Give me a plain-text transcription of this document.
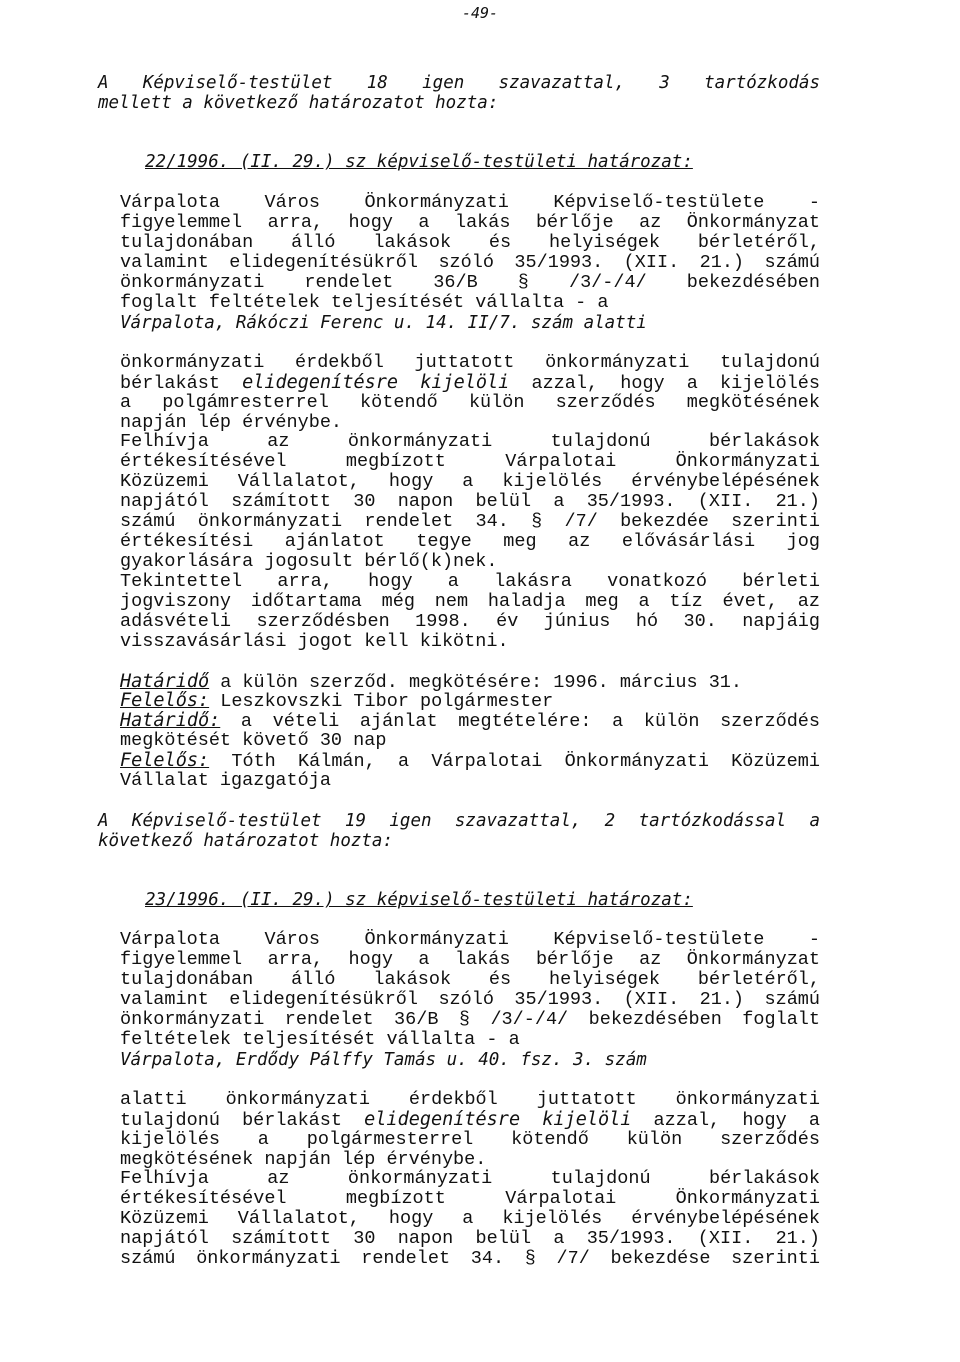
-49-
A Képviselő-testület 18 igen szavazattal, 3 tartózkodás
mellett a következő határozatot hozta:
22/1996. (II. 29.) sz képviselő-testületi határozat:
Várpalota Város Önkormányzati Képviselő-testülete -
figyelemmel arra, hogy a lakás bérlője az Önkormányzat
tulajdonában álló lakások és helyiségek bérletéről,
valamint elidegenítésükről szóló 35/1993. (XII. 21.) számú
önkormányzati rendelet 36/B § /3/-/4/ bekezdésében
foglalt feltételek teljesítését vállalta - a
Várpalota, Rákóczi Ferenc u. 14. II/7. szám alatti
önkormányzati érdekből juttatott önkormányzati tulajdonú
bérlakást elidegenítésre kijelöli azzal, hogy a kijelölés
a polgámresterrel kötendő külön szerződés megkötésének
napján lép érvénybe.
Felhívja az önkormányzati tulajdonú bérlakások
értékesítésével megbízott Várpalotai Önkormányzati
Közüzemi Vállalatot, hogy a kijelölés érvénybelépésének
napjától számított 30 napon belül a 35/1993. (XII. 21.)
számú önkormányzati rendelet 34. § /7/ bekezdée szerinti
értékesítési ajánlatot tegye meg az elővásárlási jog
gyakorlására jogosult bérlő(k)nek.
Tekintettel arra, hogy a lakásra vonatkozó bérleti
jogviszony időtartama még nem haladja meg a tíz évet, az
adásvételi szerződésben 1998. év június hó 30. napjáig
visszavásárlási jogot kell kikötni.
Határidő a külön szerződ. megkötésére: 1996. március 31.
Felelős: Leszkovszki Tibor polgármester
Határidő: a vételi ajánlat megtételére: a külön szerződés
megkötését követő 30 nap
Felelős: Tóth Kálmán, a Várpalotai Önkormányzati Közüzemi
Vállalat igazgatója
A Képviselő-testület 19 igen szavazattal, 2 tartózkodással a
következő határozatot hozta:
23/1996. (II. 29.) sz képviselő-testületi határozat:
Várpalota Város Önkormányzati Képviselő-testülete -
figyelemmel arra, hogy a lakás bérlője az Önkormányzat
tulajdonában álló lakások és helyiségek bérletéről,
valamint elidegenítésükről szóló 35/1993. (XII. 21.) számú
önkormányzati rendelet 36/B § /3/-/4/ bekezdésében foglalt
feltételek teljesítését vállalta - a
Várpalota, Erdődy Pálffy Tamás u. 40. fsz. 3. szám
alatti önkormányzati érdekből juttatott önkormányzati
tulajdonú bérlakást elidegenítésre kijelöli azzal, hogy a
kijelölés a polgármesterrel kötendő külön szerződés
megkötésének napján lép érvénybe.
Felhívja az önkormányzati tulajdonú bérlakások
értékesítésével megbízott Várpalotai Önkormányzati
Közüzemi Vállalatot, hogy a kijelölés érvénybelépésének
napjától számított 30 napon belül a 35/1993. (XII. 21.)
számú önkormányzati rendelet 34. § /7/ bekezdése szerinti
